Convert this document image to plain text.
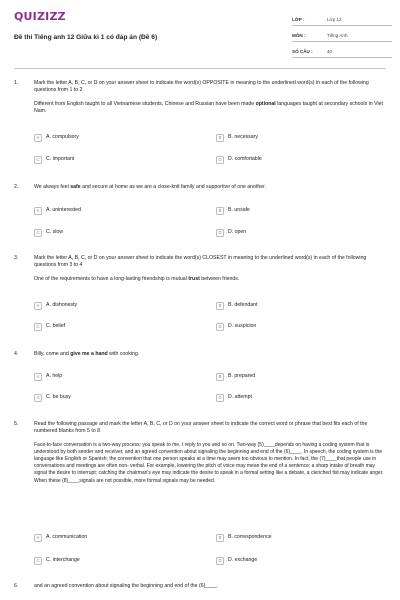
QUIZIZZ
Đề thi Tiếng anh 12 Giữa kì 1 có đáp án (Đề 6)
LỚP :	Lớp 12
MÔN :	Tiếng Anh
SỐ CÂU :	40
1.	Mark the letter A, B, C, or D on your answer sheet to indicate the word(s) OPPOSITE in meaning to the underlined word(s) in each of the following questions from 1 to 2
Different from English taught to all Vietnamese students, Chinese and Russian have been made optional languages taught at secondary schools in Viet Nam.
A	A. compulsory	B	B. necessary
C	C. important	D	D. comfortable
2.	We always feel safe and secure at home as we are a close-knit family and supportive of one another.
A	A. uninterested	B	B. unsafe
C	C. slow	D	D. open
3.	Mark the letter A, B, C, or D on your answer sheet to indicate the word(s) CLOSEST in meaning to the underlined word(s) in each of the following questions from 3 to 4
One of the requirements to have a long-lasting friendship is mutual trust between friends.
A	A. dishonesty	B	B. defendant
C	C. belief	D	D. suspicion
4.	Billy, come and give me a hand with cooking.
A	A. help	B	B. prepared
C	C. be busy	D	D. attempt
5.	Read the following passage and mark the letter A, B, C, or D on your answer sheet to indicate the correct word or phrase that best fits each of the numbered blanks from 5 to 8
Face-to-face conversation is a two-way process: you speak to me, I reply to you and so on. Two-way (5)____depends on having a coding system that is understood by both sender and receiver, and an agreed convention about signaling the beginning and end of the (6)____. In speech, the coding system is the language like English or Spanish; the convention that one person speaks at a time may seem too obvious to mention. In fact, the (7)____that people use in conversations and meetings are often non- verbal. For example, lowering the pitch of voice may mean the end of a sentence; a sharp intake of breath may signal the desire to interrupt; catching the chairman's eye may indicate the desire to speak in a formal setting like a debate, a clenched fist may indicate anger. When these (8)____signals are not possible, more formal signals may be needed.
A	A. communication	B	B. correspondence
C	C. interchange	D	D. exchange
6.	and an agreed convention about signaling the beginning and end of the (6)____.
